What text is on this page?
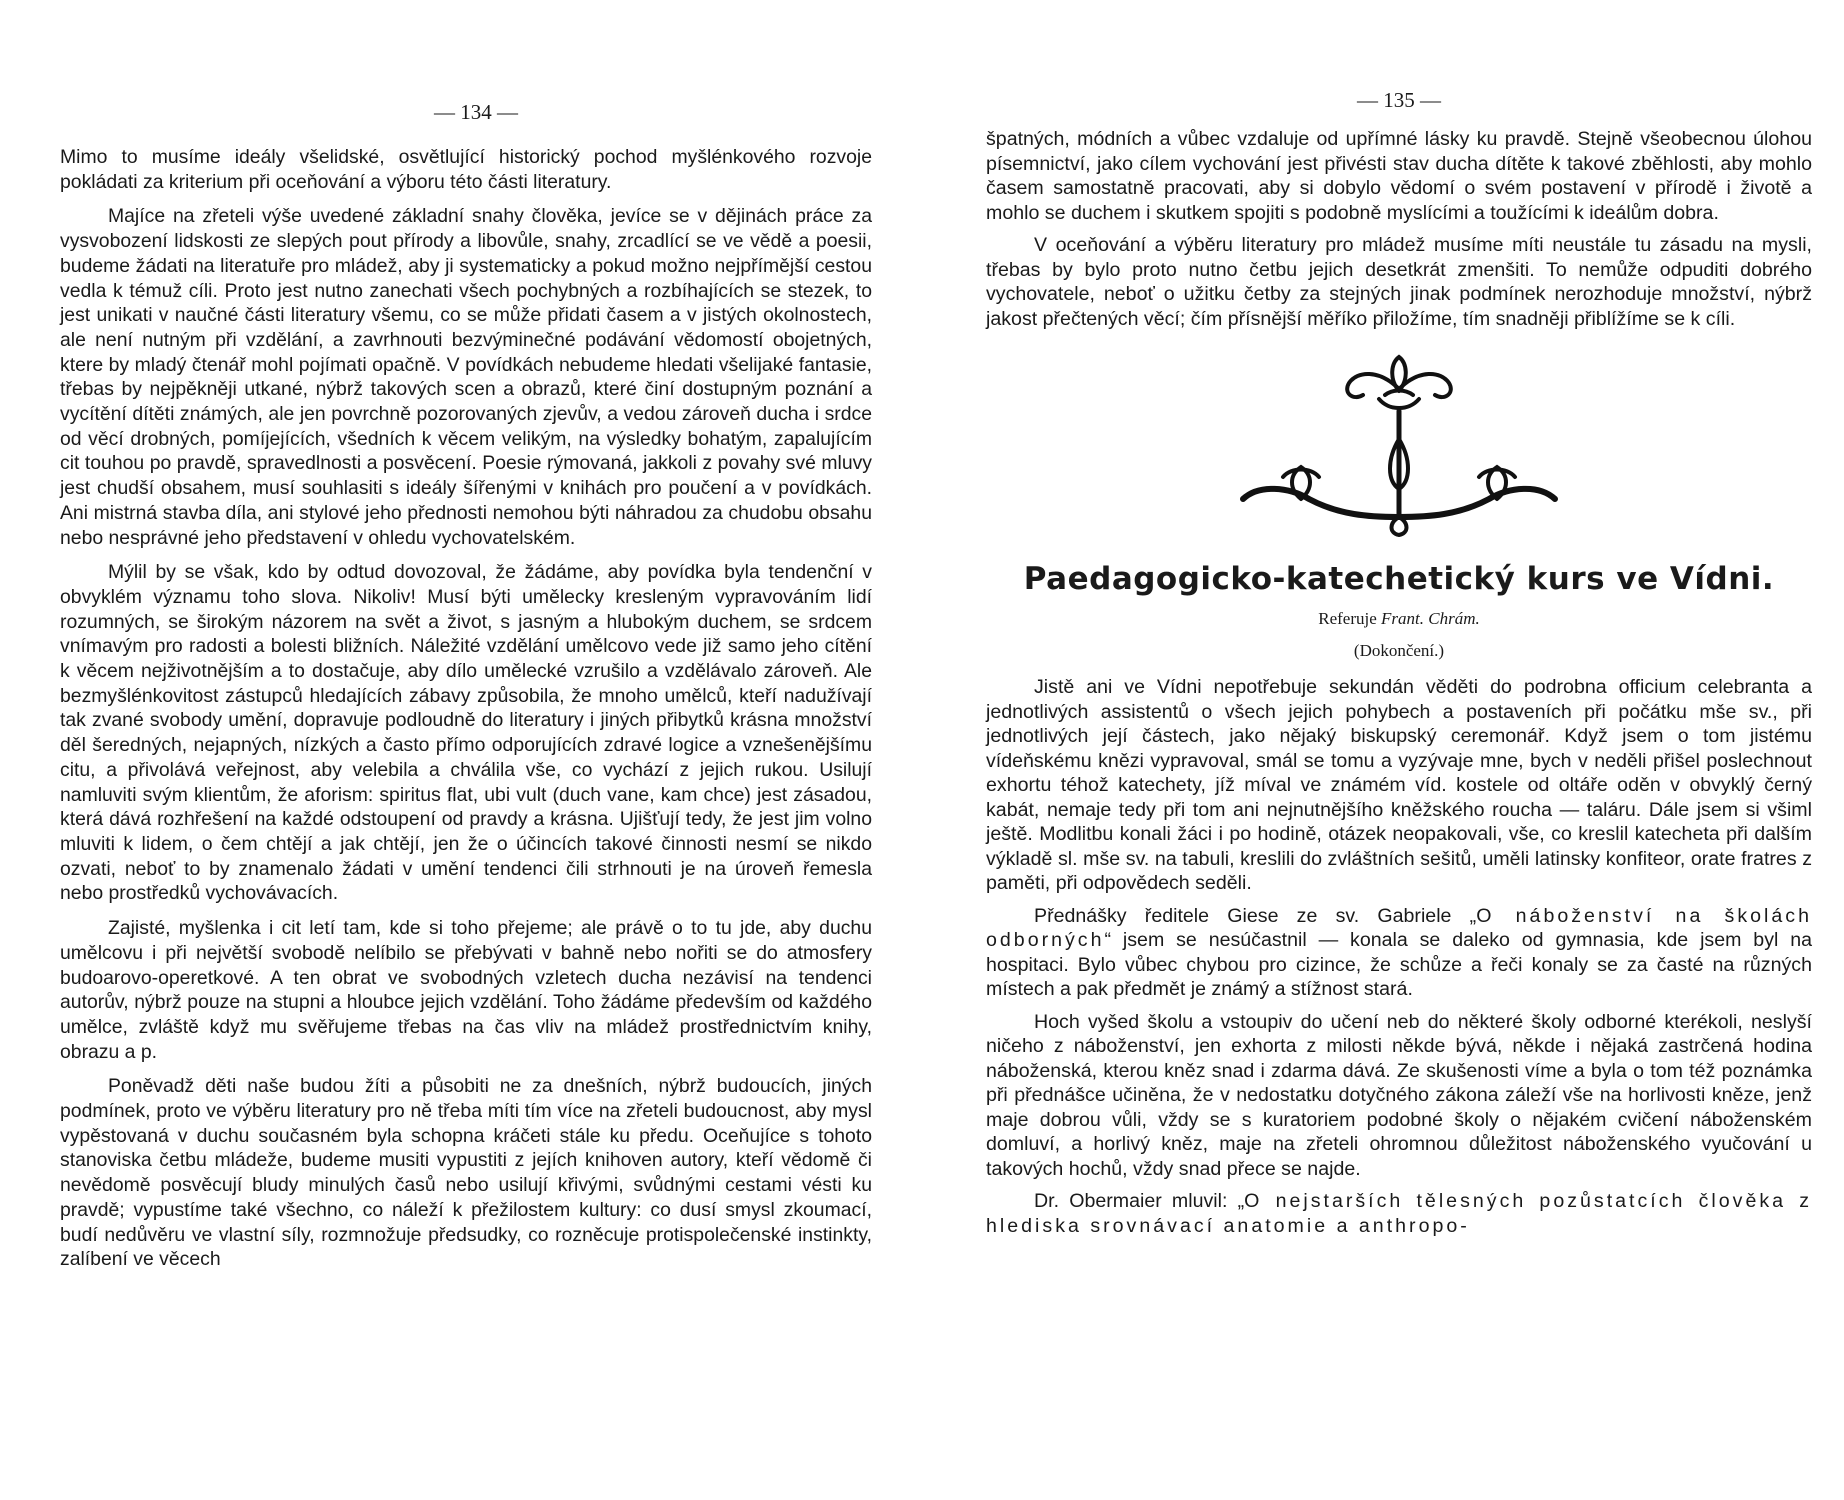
— 134 —

Mimo to musíme ideály všelidské, osvětlující historický pochod myšlénkového rozvoje pokládati za kriterium při oceňování a výboru této části literatury.

Majíce na zřeteli výše uvedené základní snahy člověka, jevíce se v dějinách práce za vysvobození lidskosti ze slepých pout přírody a libovůle, snahy, zrcadlící se ve vědě a poesii, budeme žádati na literatuře pro mládež, aby ji systematicky a pokud možno nejpřímější cestou vedla k témuž cíli. Proto jest nutno zanechati všech pochybných a rozbíhajících se stezek, to jest unikati v naučné části literatury všemu, co se může přidati časem a v jistých okolnostech, ale není nutným při vzdělání, a zavrhnouti bezvýminečné podávání vědomostí obojetných, ktere by mladý čtenář mohl pojímati opačně. V povídkách nebudeme hledati všelijaké fantasie, třebas by nejpěkněji utkané, nýbrž takových scen a obrazů, které činí dostupným poznání a vycítění dítěti známých, ale jen povrchně pozorovaných zjevův, a vedou zároveň ducha i srdce od věcí drobných, pomíjejících, všedních k věcem velikým, na výsledky bohatým, zapalujícím cit touhou po pravdě, spravedlnosti a posvěcení. Poesie rýmovaná, jakkoli z povahy své mluvy jest chudší obsahem, musí souhlasiti s ideály šířenými v knihách pro poučení a v povídkách. Ani mistrná stavba díla, ani stylové jeho přednosti nemohou býti náhradou za chudobu obsahu nebo nesprávné jeho představení v ohledu vychovatelském.

Mýlil by se však, kdo by odtud dovozoval, že žádáme, aby povídka byla tendenční v obvyklém významu toho slova. Nikoliv! Musí býti umělecky kresleným vypravováním lidí rozumných, se širokým názorem na svět a život, s jasným a hlubokým duchem, se srdcem vnímavým pro radosti a bolesti bližních. Náležité vzdělání umělcovo vede již samo jeho cítění k věcem nejživotnějším a to dostačuje, aby dílo umělecké vzrušilo a vzdělávalo zároveň. Ale bezmyšlénkovitost zástupců hledajících zábavy způsobila, že mnoho umělců, kteří nadužívají tak zvané svobody umění, dopravuje podloudně do literatury i jiných přibytků krásna množství děl šeredných, nejapných, nízkých a často přímo odporujících zdravé logice a vznešenějšímu citu, a přivolává veřejnost, aby velebila a chválila vše, co vychází z jejich rukou. Usilují namluviti svým klientům, že aforism: spiritus flat, ubi vult (duch vane, kam chce) jest zásadou, která dává rozhřešení na každé odstoupení od pravdy a krásna. Ujišťují tedy, že jest jim volno mluviti k lidem, o čem chtějí a jak chtějí, jen že o účincích takové činnosti nesmí se nikdo ozvati, neboť to by znamenalo žádati v umění tendenci čili strhnouti je na úroveň řemesla nebo prostředků vychovávacích.

Zajisté, myšlenka i cit letí tam, kde si toho přejeme; ale právě o to tu jde, aby duchu umělcovu i při největší svobodě nelíbilo se přebývati v bahně nebo nořiti se do atmosfery budoarovo-operetkové. A ten obrat ve svobodných vzletech ducha nezávisí na tendenci autorův, nýbrž pouze na stupni a hloubce jejich vzdělání. Toho žádáme především od každého umělce, zvláště když mu svěřujeme třebas na čas vliv na mládež prostřednictvím knihy, obrazu a p.

Poněvadž děti naše budou žíti a působiti ne za dnešních, nýbrž budoucích, jiných podmínek, proto ve výběru literatury pro ně třeba míti tím více na zřeteli budoucnost, aby mysl vypěstovaná v duchu současném byla schopna kráčeti stále ku předu. Oceňujíce s tohoto stanoviska četbu mládeže, budeme musiti vypustiti z jejích knihoven autory, kteří vědomě či nevědomě posvěcují bludy minulých časů nebo usilují křivými, svůdnými cestami vésti ku pravdě; vypustíme také všechno, co náleží k přežilostem kultury: co dusí smysl zkoumací, budí nedůvěru ve vlastní síly, rozmnožuje předsudky, co rozněcuje protispolečenské instinkty, zalíbení ve věcech

— 135 —

špatných, módních a vůbec vzdaluje od upřímné lásky ku pravdě. Stejně všeobecnou úlohou písemnictví, jako cílem vychování jest přivésti stav ducha dítěte k takové zběhlosti, aby mohlo časem samostatně pracovati, aby si dobylo vědomí o svém postavení v přírodě i životě a mohlo se duchem i skutkem spojiti s podobně myslícími a toužícími k ideálům dobra.

V oceňování a výběru literatury pro mládež musíme míti neustále tu zásadu na mysli, třebas by bylo proto nutno četbu jejich desetkrát zmenšiti. To nemůže odpuditi dobrého vychovatele, neboť o užitku četby za stejných jinak podmínek nerozhoduje množství, nýbrž jakost přečtených věcí; čím přísnější měříko přiložíme, tím snadněji přiblížíme se k cíli.

Paedagogicko-katechetický kurs ve Vídni.
Referuje Frant. Chrám.
(Dokončení.)

Jistě ani ve Vídni nepotřebuje sekundán věděti do podrobna officium celebranta a jednotlivých assistentů o všech jejich pohybech a postaveních při počátku mše sv., při jednotlivých její částech, jako nějaký biskupský ceremonář. Když jsem o tom jistému vídeňskému knězi vypravoval, smál se tomu a vyzývaje mne, bych v neděli přišel poslechnout exhortu téhož katechety, jíž míval ve známém víd. kostele od oltáře oděn v obvyklý černý kabát, nemaje tedy při tom ani nejnutnějšího kněžského roucha — taláru. Dále jsem si všiml ještě. Modlitbu konali žáci i po hodině, otázek neopakovali, vše, co kreslil katecheta při dalším výkladě sl. mše sv. na tabuli, kreslili do zvláštních sešitů, uměli latinsky konfiteor, orate fratres z paměti, při odpovědech seděli.

Přednášky ředitele Giese ze sv. Gabriele „O náboženství na školách odborných“ jsem se nesúčastnil — konala se daleko od gymnasia, kde jsem byl na hospitaci. Bylo vůbec chybou pro cizince, že schůze a řeči konaly se za časté na různých místech a pak předmět je známý a stížnost stará.

Hoch vyšed školu a vstoupiv do učení neb do některé školy odborné kterékoli, neslyší ničeho z náboženství, jen exhorta z milosti někde bývá, někde i nějaká zastrčená hodina náboženská, kterou kněz snad i zdarma dává. Ze skušenosti víme a byla o tom též poznámka při přednášce učiněna, že v nedostatku dotyčného zákona záleží vše na horlivosti kněze, jenž maje dobrou vůli, vždy se s kuratoriem podobné školy o nějakém cvičení náboženském domluví, a horlivý kněz, maje na zřeteli ohromnou důležitost náboženského vyučování u takových hochů, vždy snad přece se najde.

Dr. Obermaier mluvil: „O nejstarších tělesných pozůstatcích člověka z hlediska srovnávací anatomie a anthropo-
